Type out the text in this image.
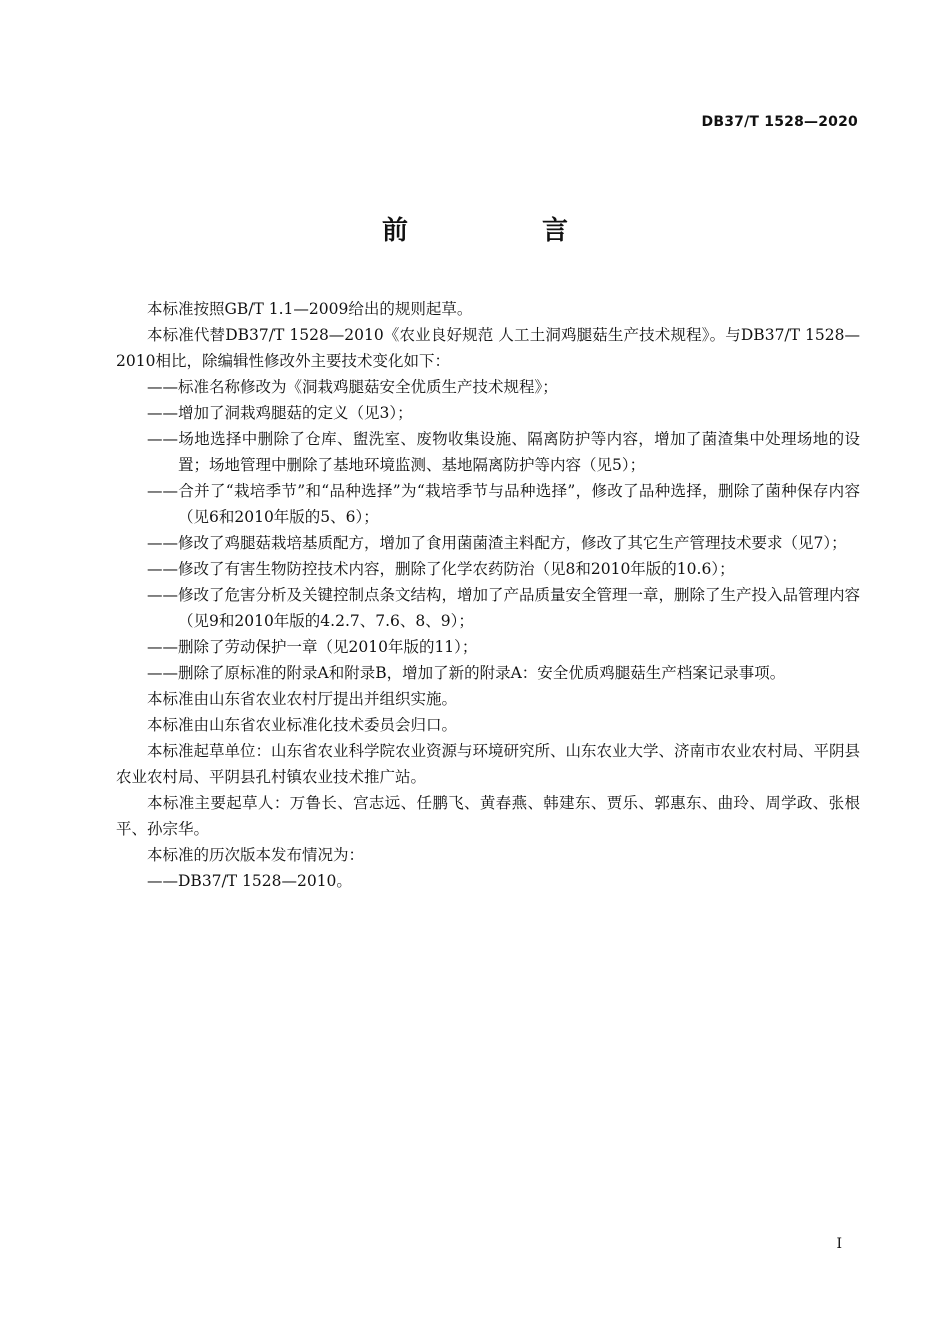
DB37/T 1528—2020
前　言

本标准按照GB/T 1.1—2009给出的规则起草。

本标准代替DB37/T 1528—2010《农业良好规范 人工土洞鸡腿菇生产技术规程》。与DB37/T 1528—2010相比，除编辑性修改外主要技术变化如下：

——标准名称修改为《洞栽鸡腿菇安全优质生产技术规程》；

——增加了洞栽鸡腿菇的定义（见3）；

——场地选择中删除了仓库、盥洗室、废物收集设施、隔离防护等内容，增加了菌渣集中处理场地的设置；场地管理中删除了基地环境监测、基地隔离防护等内容（见5）；

——合并了“栽培季节”和“品种选择”为“栽培季节与品种选择”，修改了品种选择，删除了菌种保存内容（见6和2010年版的5、6）；

——修改了鸡腿菇栽培基质配方，增加了食用菌菌渣主料配方，修改了其它生产管理技术要求（见7）；

——修改了有害生物防控技术内容，删除了化学农药防治（见8和2010年版的10.6）；

——修改了危害分析及关键控制点条文结构，增加了产品质量安全管理一章，删除了生产投入品管理内容（见9和2010年版的4.2.7、7.6、8、9）；

——删除了劳动保护一章（见2010年版的11）；

——删除了原标准的附录A和附录B，增加了新的附录A：安全优质鸡腿菇生产档案记录事项。

本标准由山东省农业农村厅提出并组织实施。

本标准由山东省农业标准化技术委员会归口。

本标准起草单位：山东省农业科学院农业资源与环境研究所、山东农业大学、济南市农业农村局、平阴县农业农村局、平阴县孔村镇农业技术推广站。

本标准主要起草人：万鲁长、宫志远、任鹏飞、黄春燕、韩建东、贾乐、郭惠东、曲玲、周学政、张根平、孙宗华。

本标准的历次版本发布情况为：

——DB37/T 1528—2010。

I
